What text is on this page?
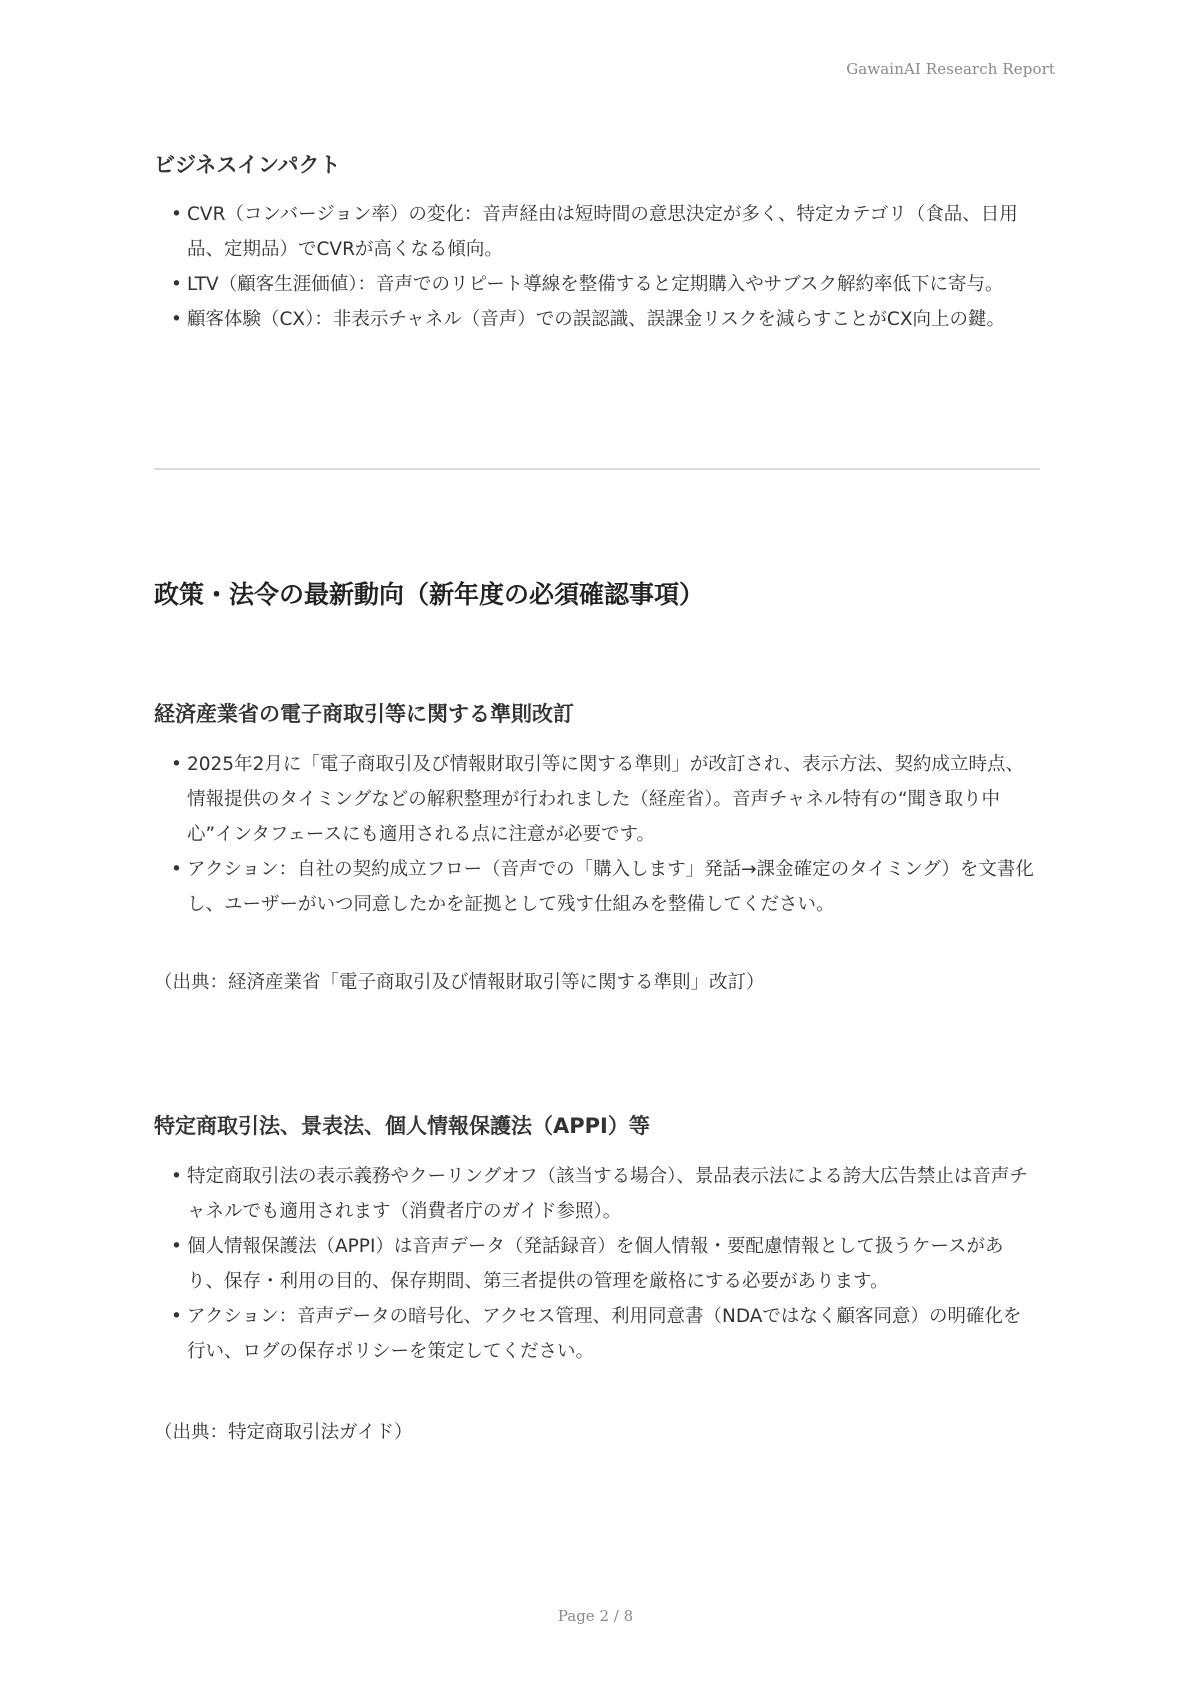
GawainAI Research Report
ビジネスインパクト
• CVR（コンバージョン率）の変化：音声経由は短時間の意思決定が多く、特定カテゴリ（食品、日用品、定期品）でCVRが高くなる傾向。
• LTV（顧客生涯価値）：音声でのリピート導線を整備すると定期購入やサブスク解約率低下に寄与。
• 顧客体験（CX）：非表示チャネル（音声）での誤認識、誤課金リスクを減らすことがCX向上の鍵。
政策・法令の最新動向（新年度の必須確認事項）
経済産業省の電子商取引等に関する準則改訂
• 2025年2月に「電子商取引及び情報財取引等に関する準則」が改訂され、表示方法、契約成立時点、情報提供のタイミングなどの解釈整理が行われました（経産省）。音声チャネル特有の“聞き取り中心”インタフェースにも適用される点に注意が必要です。
• アクション：自社の契約成立フロー（音声での「購入します」発話→課金確定のタイミング）を文書化し、ユーザーがいつ同意したかを証拠として残す仕組みを整備してください。

（出典：経済産業省「電子商取引及び情報財取引等に関する準則」改訂）

特定商取引法、景表法、個人情報保護法（APPI）等
• 特定商取引法の表示義務やクーリングオフ（該当する場合）、景品表示法による誇大広告禁止は音声チャネルでも適用されます（消費者庁のガイド参照）。
• 個人情報保護法（APPI）は音声データ（発話録音）を個人情報・要配慮情報として扱うケースがあり、保存・利用の目的、保存期間、第三者提供の管理を厳格にする必要があります。
• アクション：音声データの暗号化、アクセス管理、利用同意書（NDAではなく顧客同意）の明確化を行い、ログの保存ポリシーを策定してください。

（出典：特定商取引法ガイド）

Page 2 / 8
